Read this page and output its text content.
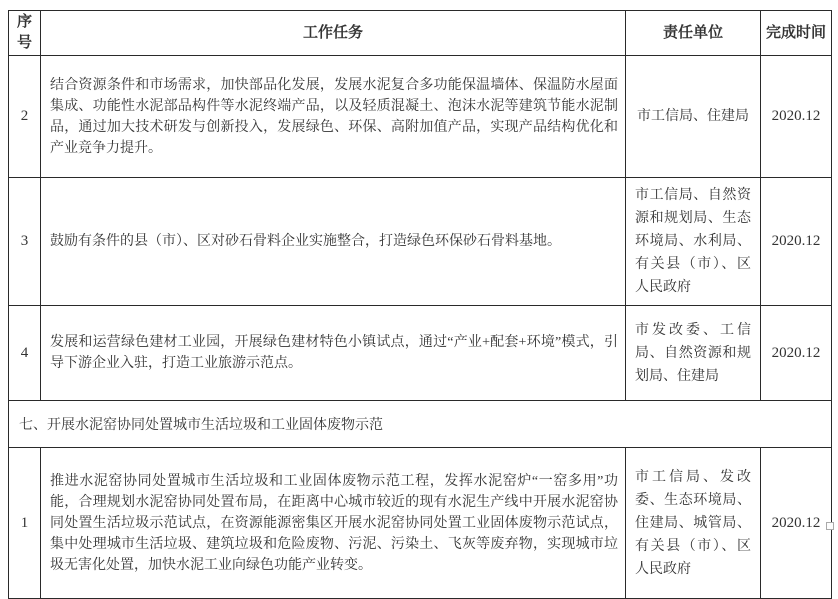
序号	工作任务	责任单位	完成时间
2	结合资源条件和市场需求，加快部品化发展，发展水泥复合多功能保温墙体、保温防水屋面集成、功能性水泥部品构件等水泥终端产品，以及轻质混凝土、泡沫水泥等建筑节能水泥制品，通过加大技术研发与创新投入，发展绿色、环保、高附加值产品，实现产品结构优化和产业竞争力提升。	市工信局、住建局	2020.12
3	鼓励有条件的县（市）、区对砂石骨料企业实施整合，打造绿色环保砂石骨料基地。	市工信局、自然资源和规划局、生态环境局、水利局、有关县（市）、区人民政府	2020.12
4	发展和运营绿色建材工业园，开展绿色建材特色小镇试点，通过“产业+配套+环境”模式，引导下游企业入驻，打造工业旅游示范点。	市发改委、工信局、自然资源和规划局、住建局	2020.12
七、开展水泥窑协同处置城市生活垃圾和工业固体废物示范			
1	推进水泥窑协同处置城市生活垃圾和工业固体废物示范工程，发挥水泥窑炉“一窑多用”功能，合理规划水泥窑协同处置布局，在距离中心城市较近的现有水泥生产线中开展水泥窑协同处置生活垃圾示范试点，在资源能源密集区开展水泥窑协同处置工业固体废物示范试点，集中处理城市生活垃圾、建筑垃圾和危险废物、污泥、污染土、飞灰等废弃物，实现城市垃圾无害化处置，加快水泥工业向绿色功能产业转变。	市工信局、发改委、生态环境局、住建局、城管局、有关县（市）、区人民政府	2020.12
